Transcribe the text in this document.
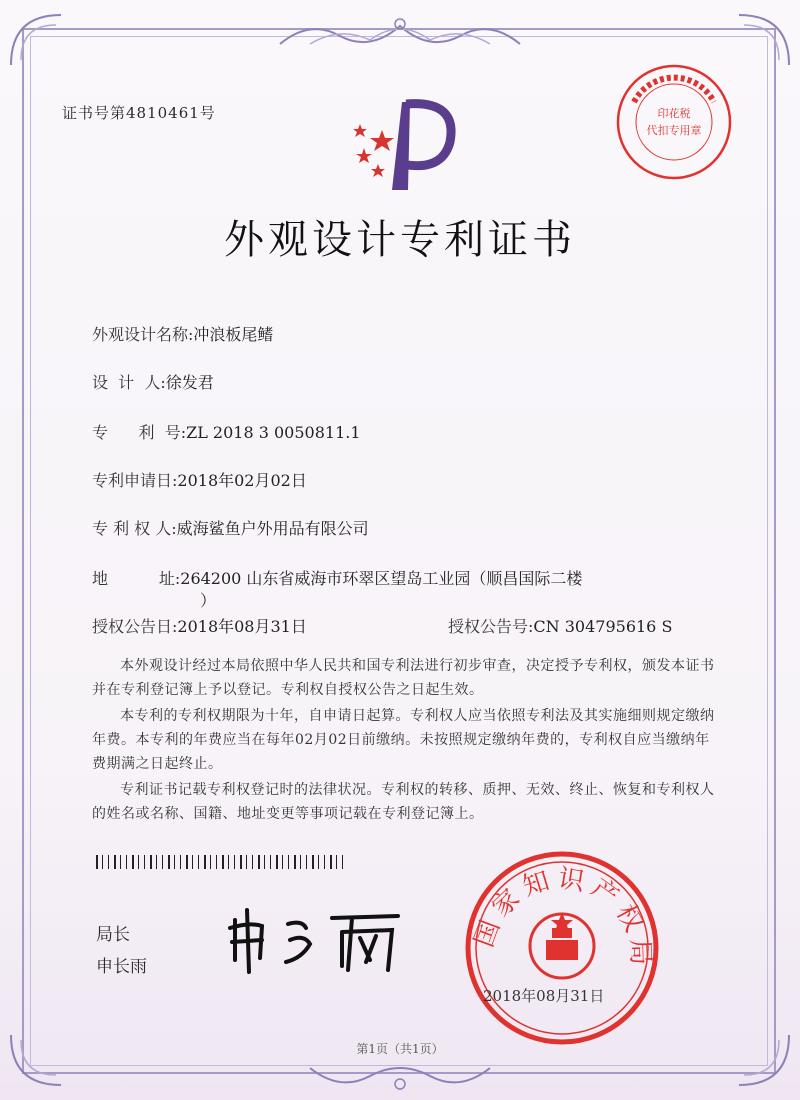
证书号第4810461号	印花税
代扣专用章
外观设计专利证书
外观设计名称:冲浪板尾鳍
设  计  人:徐发君
专      利  号:ZL 2018 3 0050811.1
专利申请日:2018年02月02日
专 利 权 人:威海鲨鱼户外用品有限公司
地          址:264200 山东省威海市环翠区望岛工业园（顺昌国际二楼
）
授权公告日:2018年08月31日	授权公告号:CN 304795616 S
本外观设计经过本局依照中华人民共和国专利法进行初步审查，决定授予专利权，颁发本证书并在专利登记簿上予以登记。专利权自授权公告之日起生效。
本专利的专利权期限为十年，自申请日起算。专利权人应当依照专利法及其实施细则规定缴纳年费。本专利的年费应当在每年02月02日前缴纳。未按照规定缴纳年费的，专利权自应当缴纳年费期满之日起终止。
专利证书记载专利权登记时的法律状况。专利权的转移、质押、无效、终止、恢复和专利权人的姓名或名称、国籍、地址变更等事项记载在专利登记簿上。
局长
申长雨
国家知识产权局
2018年08月31日
第1页（共1页）
